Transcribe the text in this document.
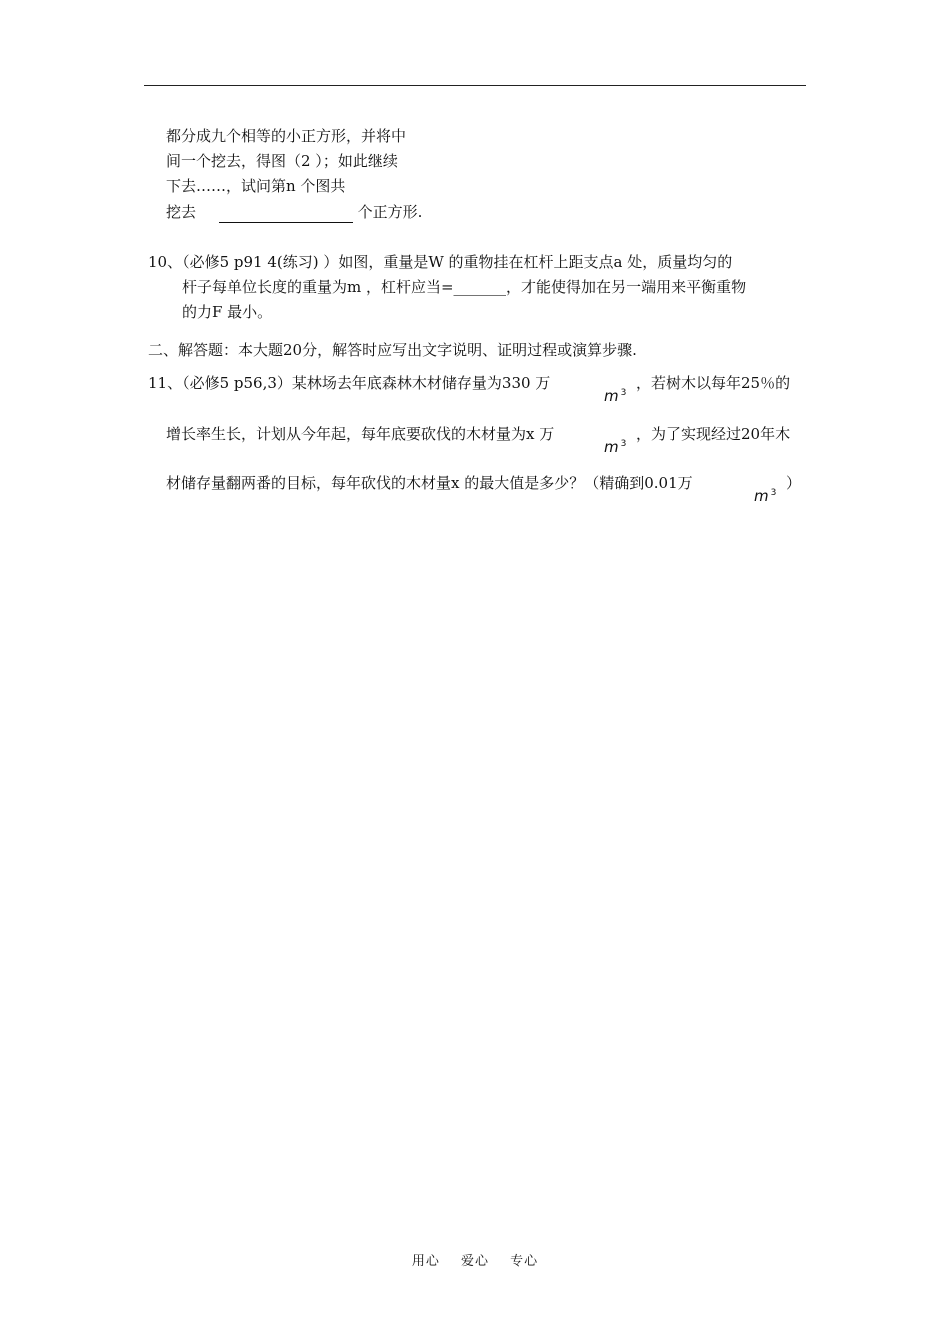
都分成九个相等的小正方形，并将中
间一个挖去，得图（2 ）；如此继续
下去……，试问第n 个图共
挖去	个正方形.
10、（必修5 p91 4(练习) ）如图，重量是W 的重物挂在杠杆上距支点a 处，质量均匀的
杆子每单位长度的重量为m ，杠杆应当=_______，才能使得加在另一端用来平衡重物
的力F 最小。
二、解答题：本大题20分，解答时应写出文字说明、证明过程或演算步骤.
11、（必修5 p56,3）某林场去年底森林木材储存量为330 万
m $^3$
，若树木以每年25％的
增长率生长，计划从今年起，每年底要砍伐的木材量为x 万
m $^3$
，为了实现经过20年木
材储存量翻两番的目标，每年砍伐的木材量x 的最大值是多少？（精确到0.01万
m $^3$
）
用心 爱心 专心
